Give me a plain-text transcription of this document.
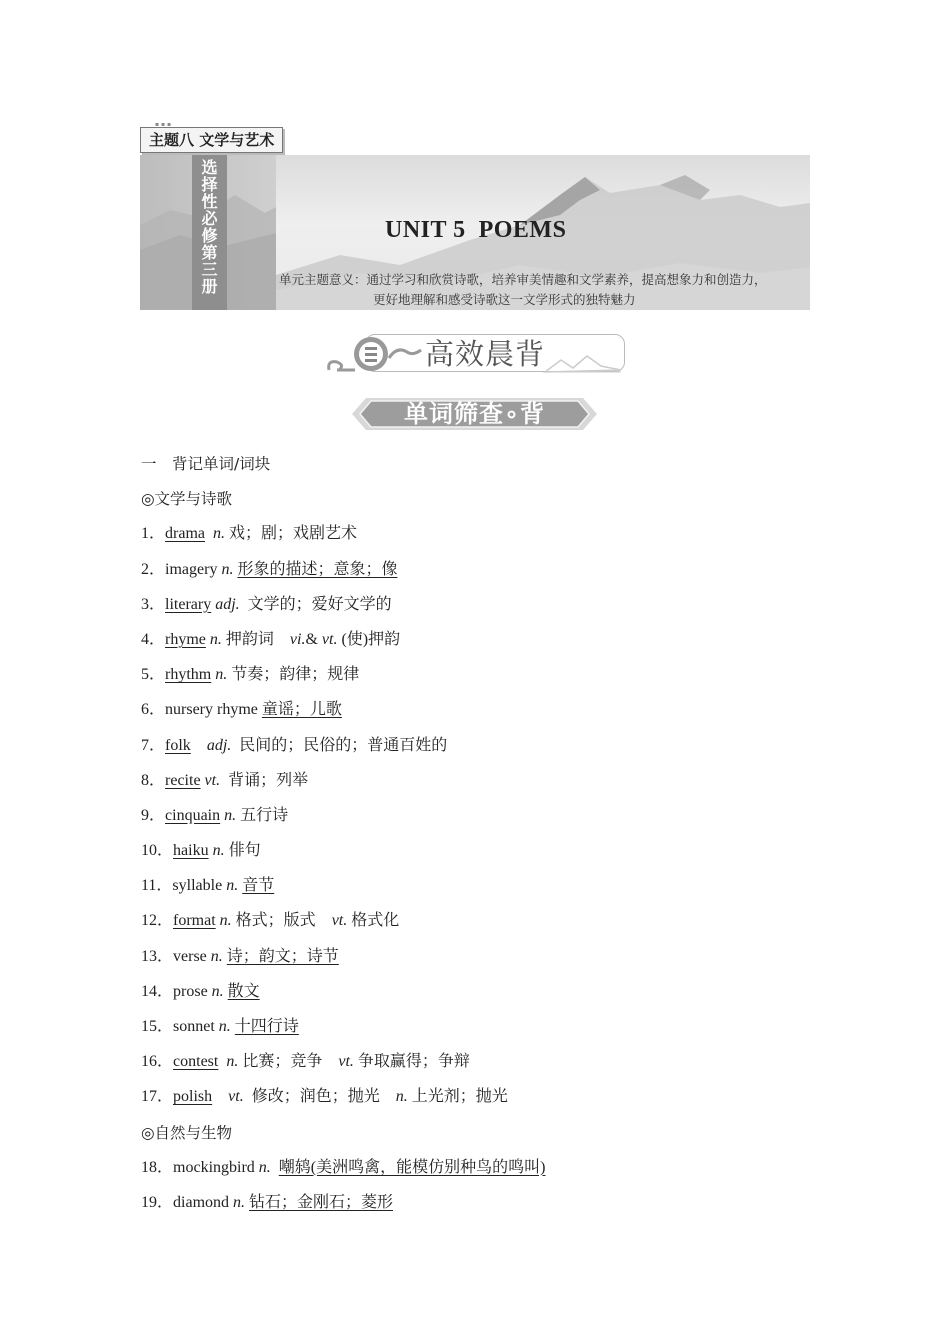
▪ ▪ ▪
主题八 文学与艺术
选
择
性
必
修
第
三
册
UNIT 5  POEMS
单元主题意义：通过学习和欣赏诗歌，培养审美情趣和文学素养，提高想象力和创造力，
更好地理解和感受诗歌这一文学形式的独特魅力
高效晨背
单词筛查∘背
一　背记单词/词块
◎文学与诗歌
1．drama n. 戏；剧；戏剧艺术
2．imagery n. 形象的描述；意象；像
3．literary adj.  文学的；爱好文学的
4．rhyme n. 押韵词　vi.& vt. (使)押韵
5．rhythm n. 节奏；韵律；规律
6．nursery rhyme 童谣；儿歌
7．folk　 adj.  民间的；民俗的；普通百姓的
8．recite vt.  背诵；列举
9．cinquain n. 五行诗
10．haiku n. 俳句
11．syllable n. 音节
12．format n. 格式；版式　vt. 格式化
13．verse n. 诗；韵文；诗节
14．prose n. 散文
15．sonnet n. 十四行诗
16．contest n. 比赛；竞争　vt. 争取赢得；争辩
17．polish　 vt.  修改；润色；抛光　n. 上光剂；抛光
◎自然与生物
18．mockingbird n. 嘲鸫(美洲鸣禽，能模仿别种鸟的鸣叫)
19．diamond n. 钻石；金刚石；菱形
